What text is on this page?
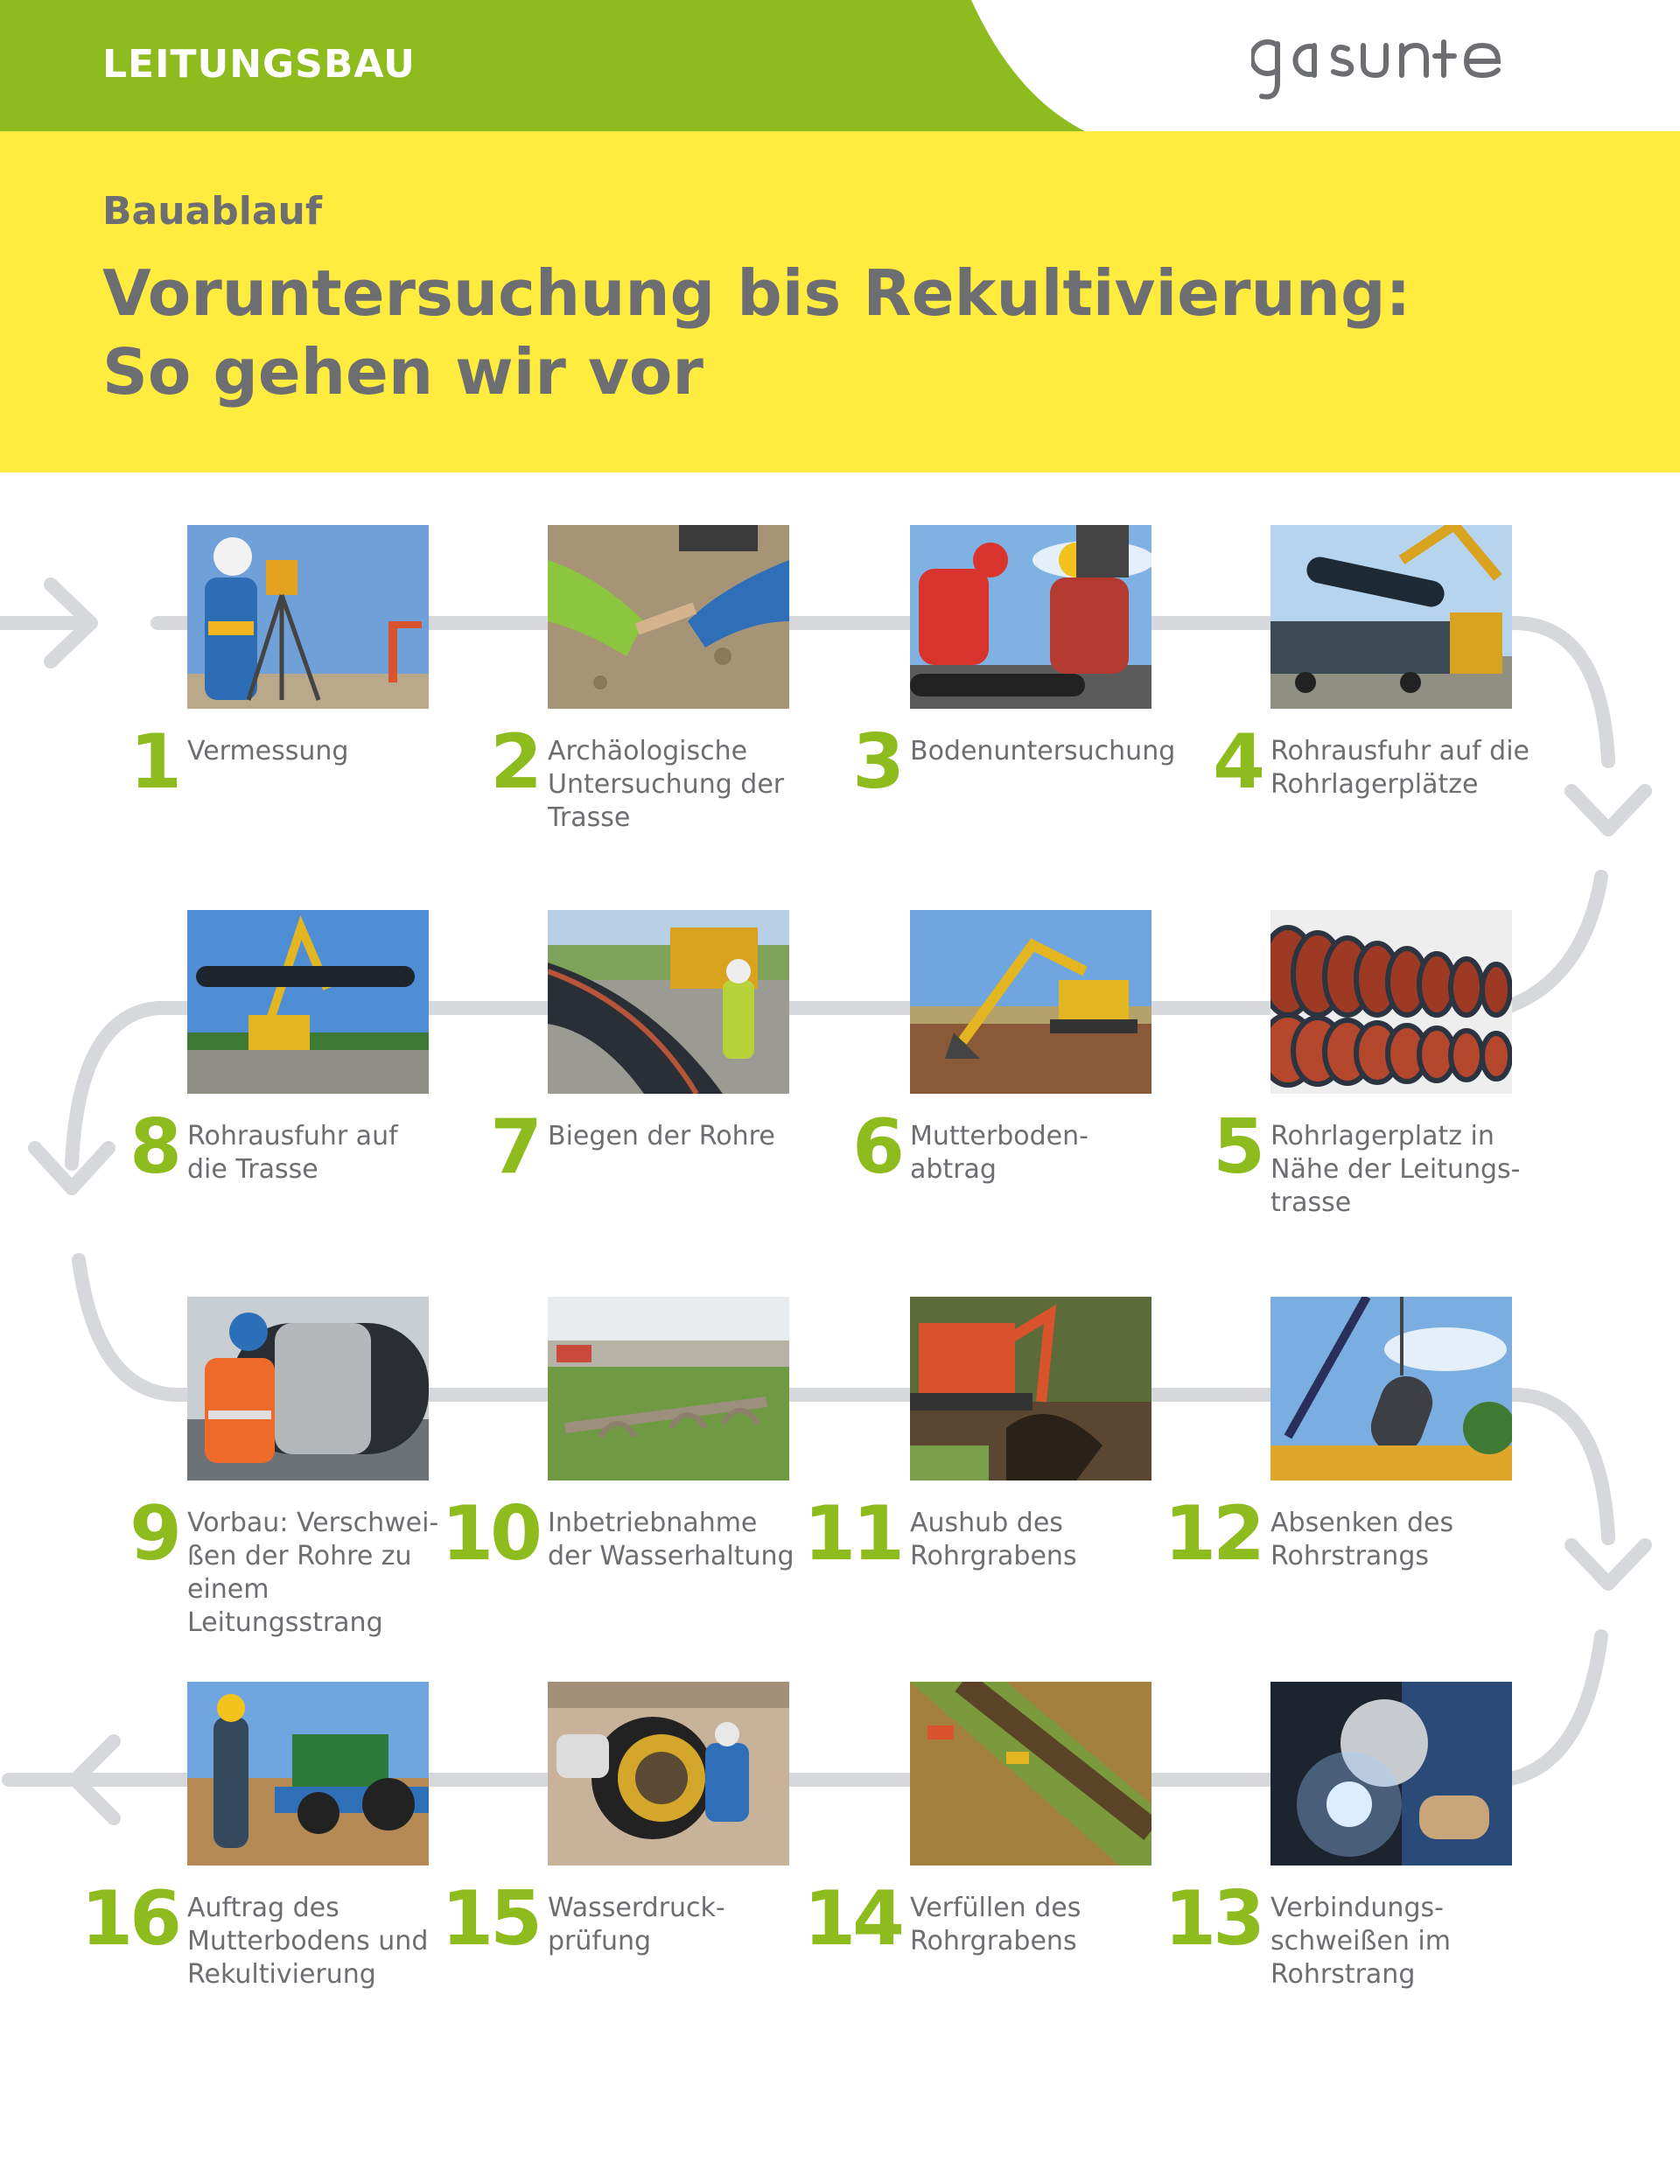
LEITUNGSBAU
Bauablauf
Voruntersuchung bis Rekultivierung:
So gehen wir vor
1 Vermessung	2 Archäologische
Untersuchung der
Trasse
3 Bodenuntersuchung 4 Rohrausfuhr auf die
Rohrlagerplätze
5 Rohrlagerplatz in
Nähe der Leitungs-
trasse
6 Mutterboden-
abtrag
7 Biegen der Rohre
8 Rohrausfuhr auf
die Trasse
9 Vorbau: Verschwei-
ßen der Rohre zu
einem Leitungsstrang
10 Inbetriebnahme
der Wasserhaltung 11 Aushub des
Rohrgrabens	12 Absenken des
Rohrstrangs
13 Verbindungs-
schweißen im
Rohrstrang
14 Verfüllen des
Rohrgrabens
15 Wasserdruck-
prüfung
16 Auftrag des
Mutterbodens und
Rekultivierung
